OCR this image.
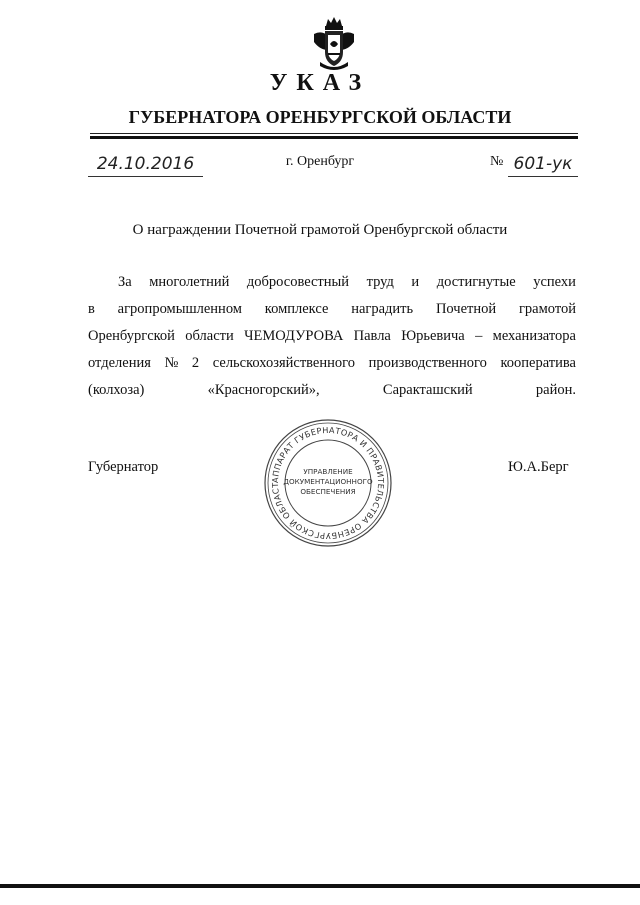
УКАЗ
ГУБЕРНАТОРА ОРЕНБУРГСКОЙ ОБЛАСТИ
24.10.2016	г. Оренбург	№ 601-ук
О награждении Почетной грамотой Оренбургской области
За многолетний добросовестный труд и достигнутые успехи
в агропромышленном комплексе наградить Почетной грамотой
Оренбургской области ЧЕМОДУРОВА Павла Юрьевича – механизатора
отделения № 2 сельскохозяйственного производственного кооператива
(колхоза) «Красногорский», Саракташский район.
Губернатор	Ю.А.Берг
АППАРАТ ГУБЕРНАТОРА И ПРАВИТЕЛЬСТВА ОРЕНБУРГСКОЙ ОБЛАСТ
УПРАВЛЕНИЕ
ДОКУМЕНТАЦИОННОГО
ОБЕСПЕЧЕНИЯ
